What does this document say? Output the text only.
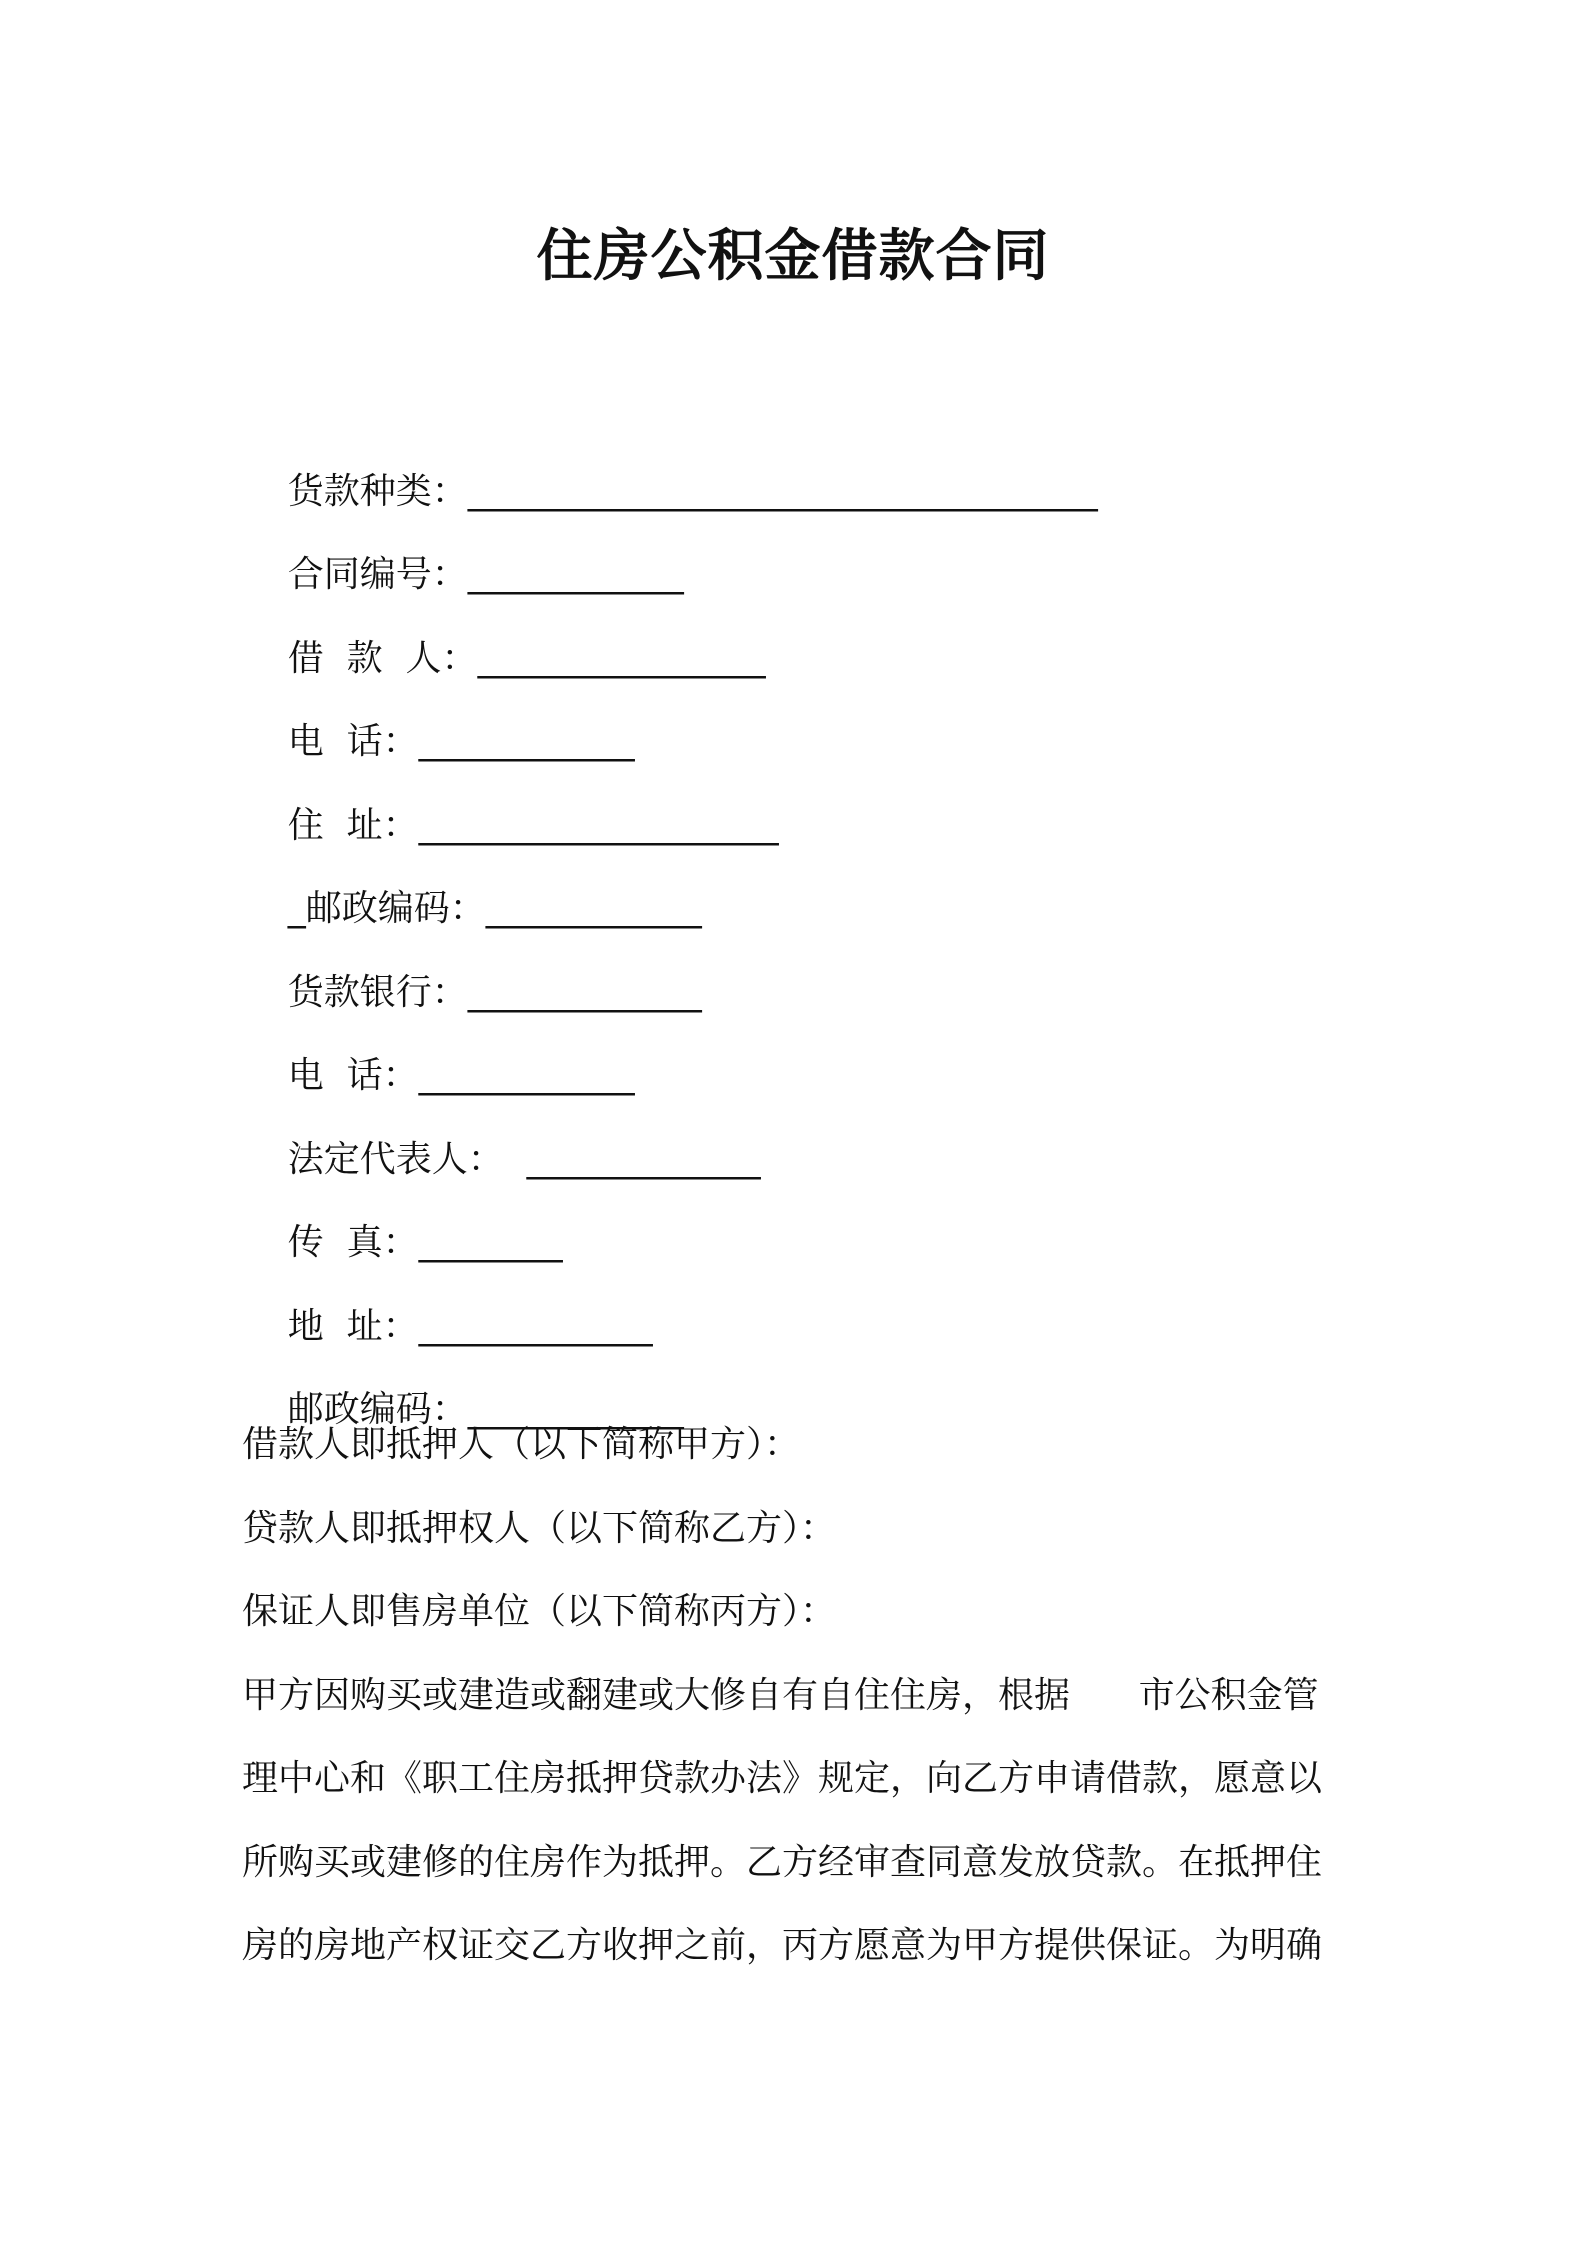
住房公积金借款合同

货款种类：___________________________________

合同编号：____________

借  款  人：________________

电  话：____________

住  址：____________________

_邮政编码：____________

货款银行：_____________

电  话：____________

法定代表人：  _____________

传  真：________

地  址：_____________

邮政编码：____________

借款人即抵押人（以下简称甲方）：
贷款人即抵押权人（以下简称乙方）：
保证人即售房单位（以下简称丙方）：
甲方因购买或建造或翻建或大修自有自住住房，根据      市公积金管
理中心和《职工住房抵押贷款办法》规定，向乙方申请借款，愿意以
所购买或建修的住房作为抵押。乙方经审查同意发放贷款。在抵押住
房的房地产权证交乙方收押之前，丙方愿意为甲方提供保证。为明确
